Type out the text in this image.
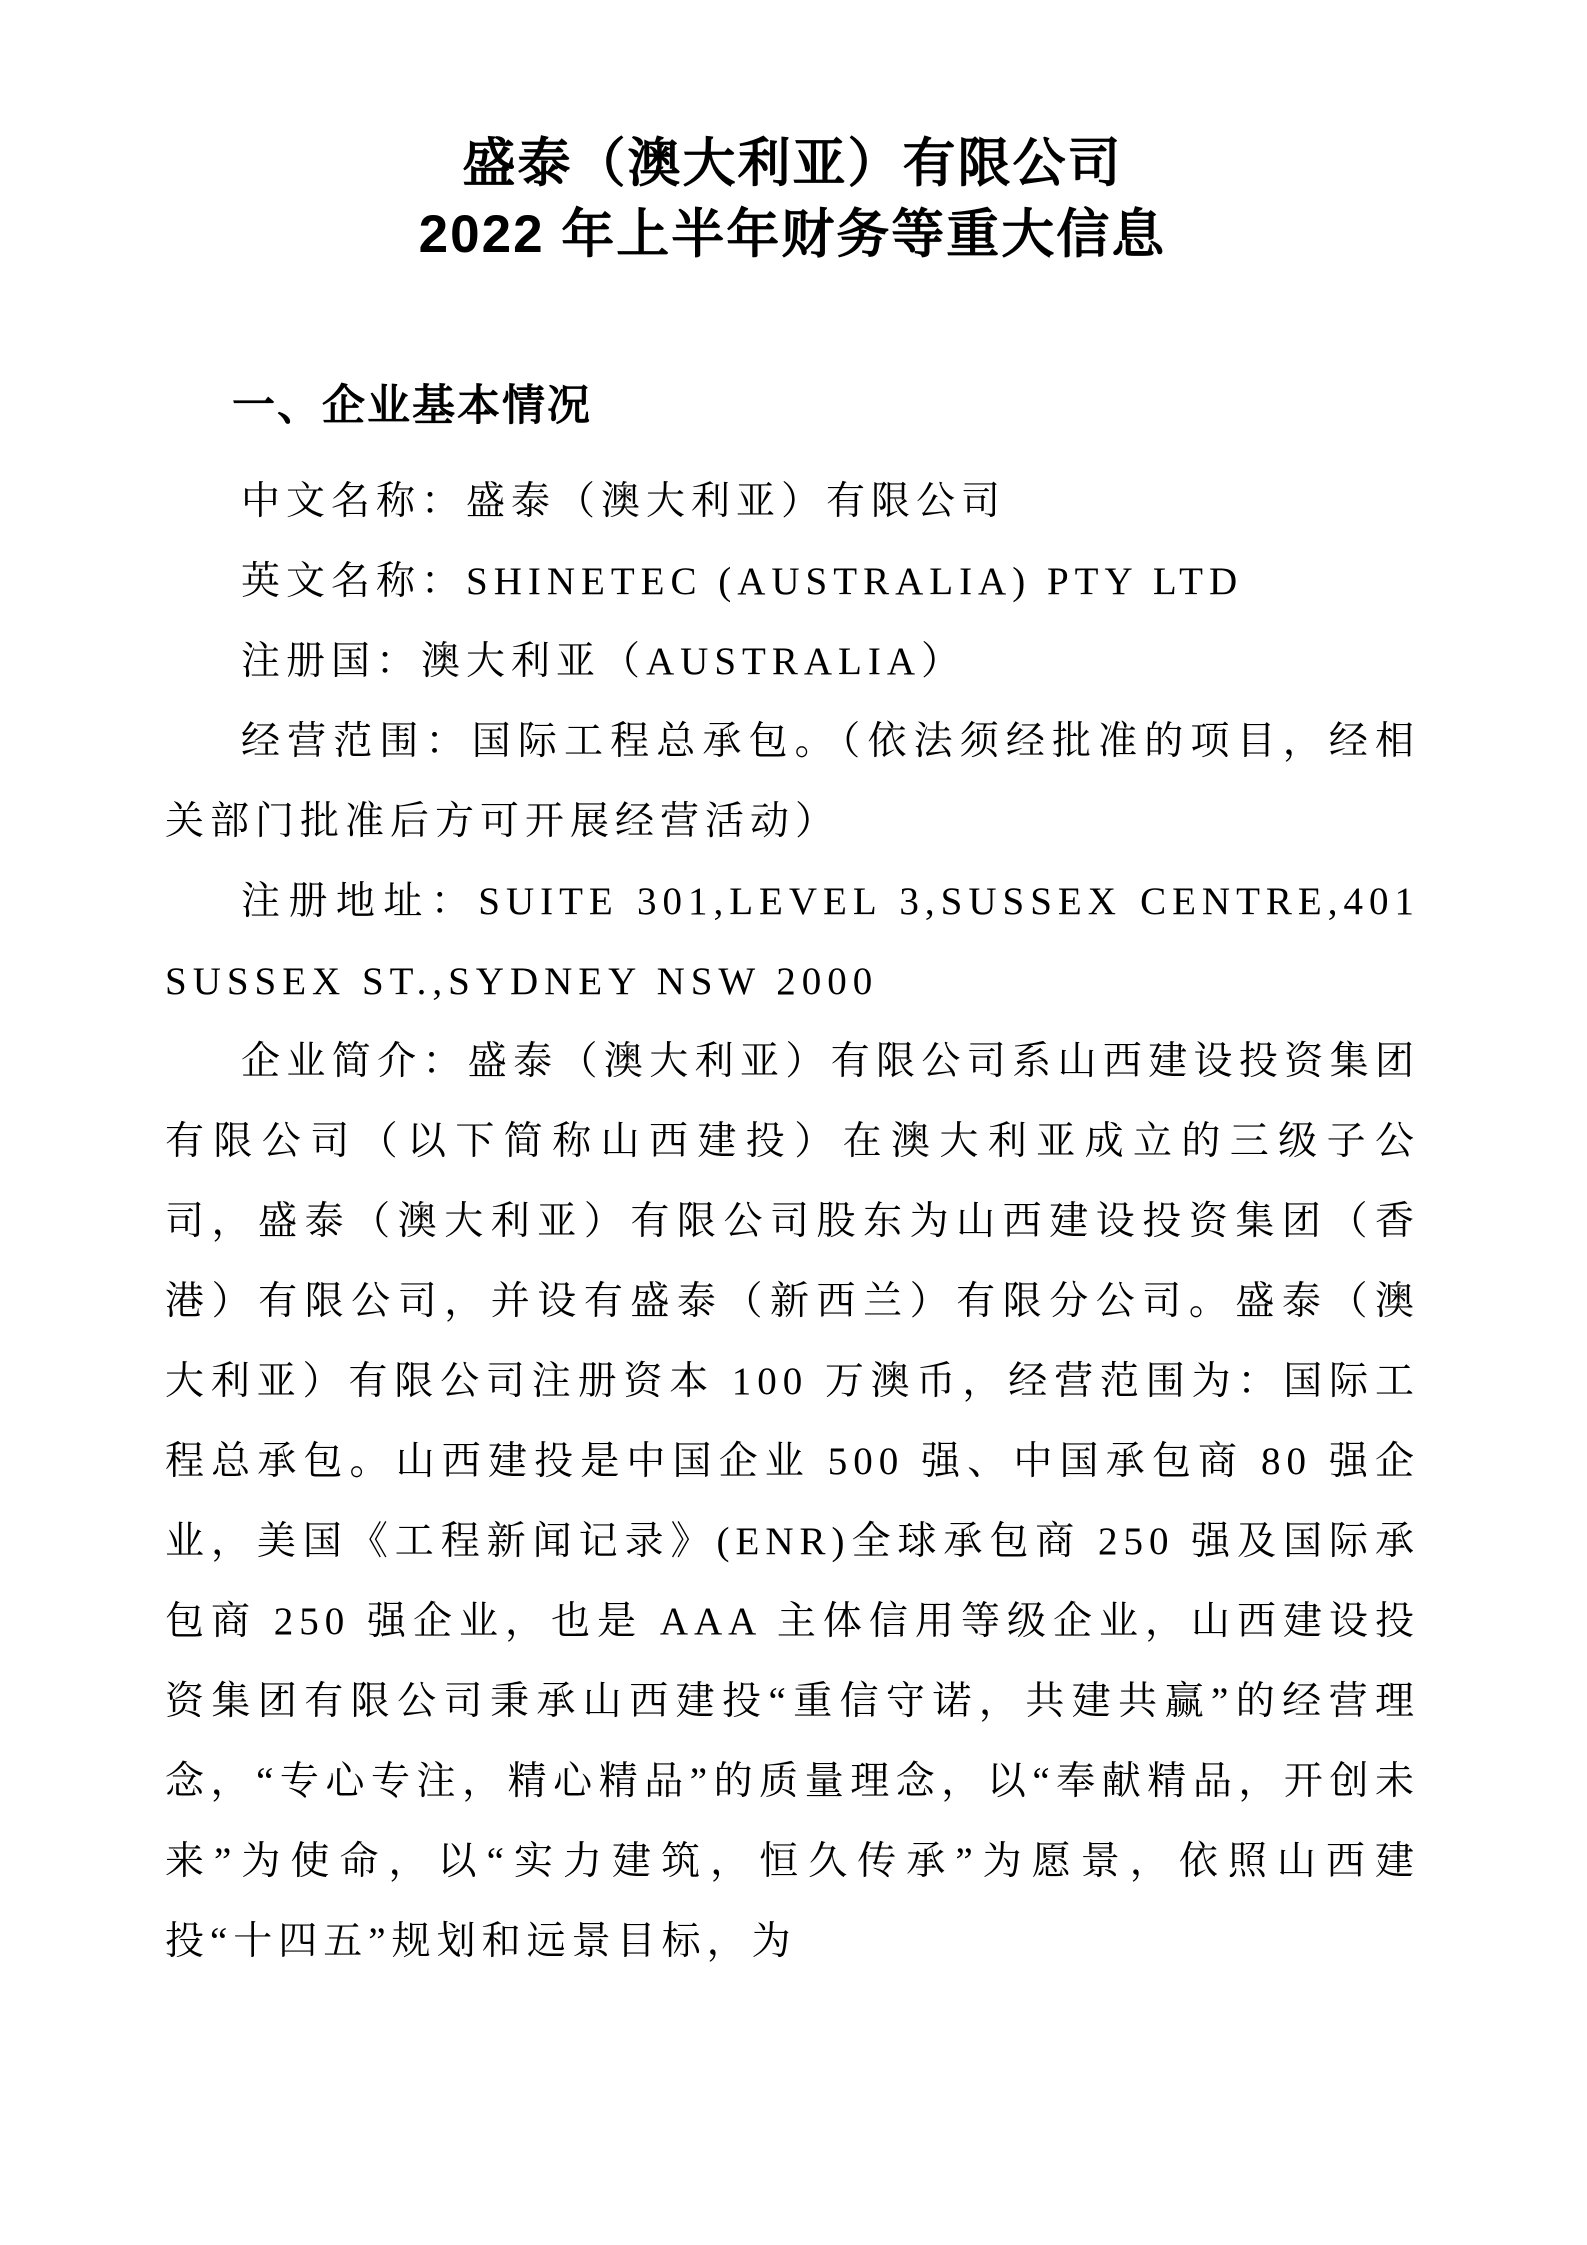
盛泰（澳大利亚）有限公司
2022 年上半年财务等重大信息
一、企业基本情况

中文名称：盛泰（澳大利亚）有限公司

英文名称：SHINETEC (AUSTRALIA) PTY LTD

注册国：澳大利亚（AUSTRALIA）

经营范围：国际工程总承包。（依法须经批准的项目，经相关部门批准后方可开展经营活动）

注册地址：SUITE 301,LEVEL 3,SUSSEX CENTRE,401 SUSSEX ST.,SYDNEY NSW 2000

企业简介：盛泰（澳大利亚）有限公司系山西建设投资集团有限公司（以下简称山西建投）在澳大利亚成立的三级子公司，盛泰（澳大利亚）有限公司股东为山西建设投资集团（香港）有限公司，并设有盛泰（新西兰）有限分公司。盛泰（澳大利亚）有限公司注册资本 100 万澳币，经营范围为：国际工程总承包。山西建投是中国企业 500 强、中国承包商 80 强企业，美国《工程新闻记录》(ENR)全球承包商 250 强及国际承包商 250 强企业，也是 AAA 主体信用等级企业，山西建设投资集团有限公司秉承山西建投“重信守诺，共建共赢”的经营理念，“专心专注，精心精品”的质量理念，以“奉献精品，开创未来”为使命，以“实力建筑，恒久传承”为愿景，依照山西建投“十四五”规划和远景目标，为
